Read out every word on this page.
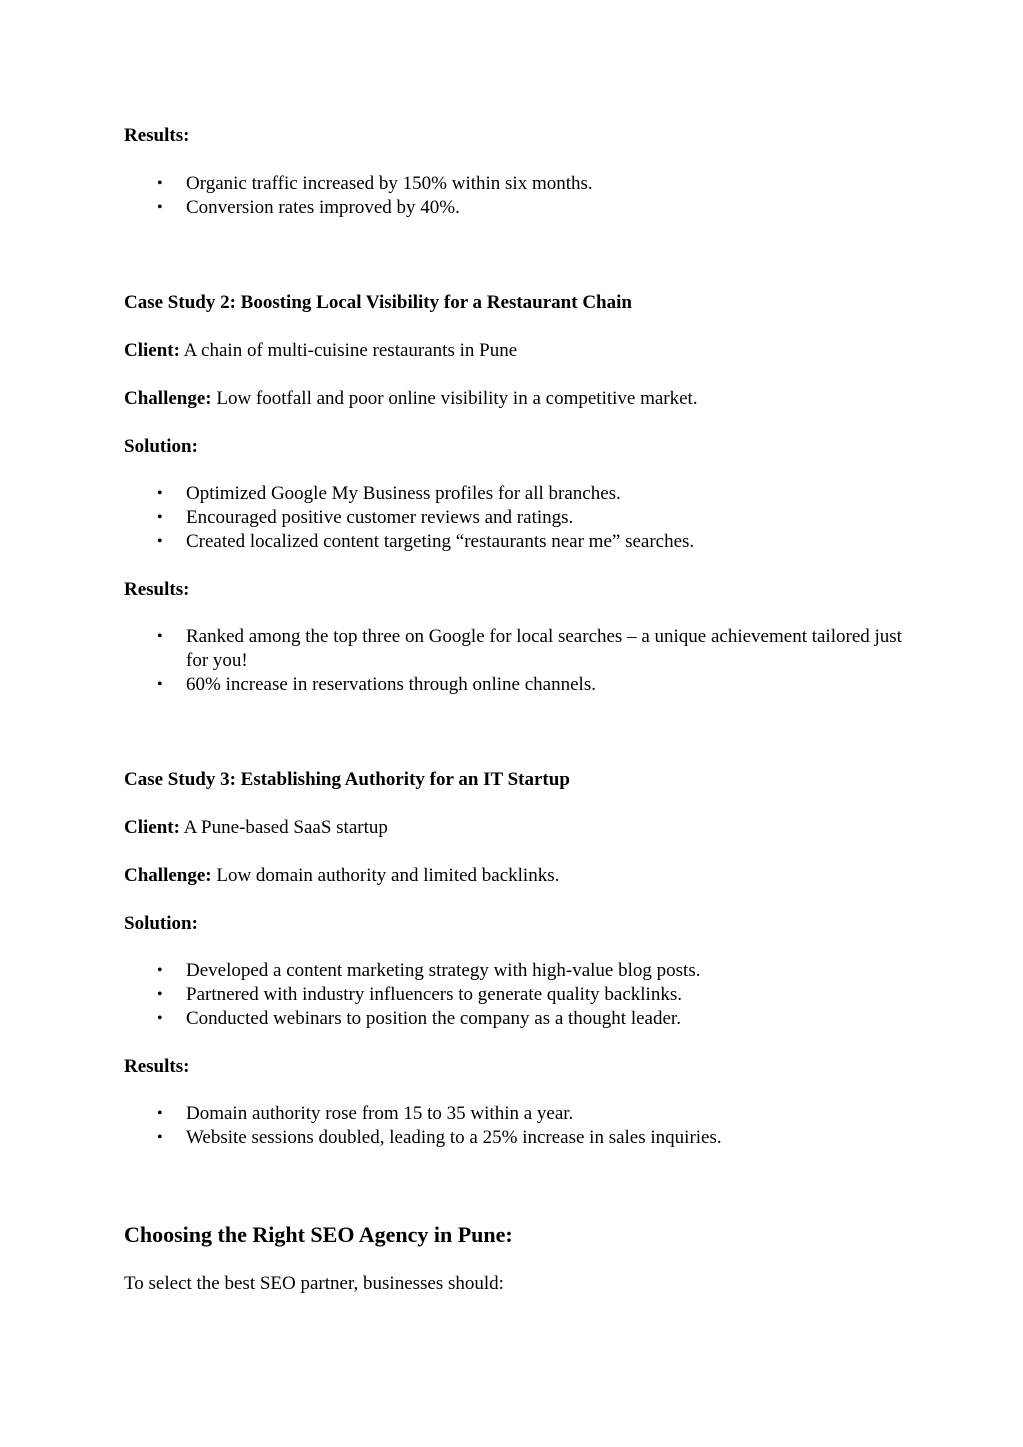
Results:

• Organic traffic increased by 150% within six months.
• Conversion rates improved by 40%.

Case Study 2: Boosting Local Visibility for a Restaurant Chain

Client: A chain of multi-cuisine restaurants in Pune

Challenge: Low footfall and poor online visibility in a competitive market.

Solution:

• Optimized Google My Business profiles for all branches.
• Encouraged positive customer reviews and ratings.
• Created localized content targeting “restaurants near me” searches.

Results:

• Ranked among the top three on Google for local searches – a unique achievement tailored just for you!
• 60% increase in reservations through online channels.

Case Study 3: Establishing Authority for an IT Startup

Client: A Pune-based SaaS startup

Challenge: Low domain authority and limited backlinks.

Solution:

• Developed a content marketing strategy with high-value blog posts.
• Partnered with industry influencers to generate quality backlinks.
• Conducted webinars to position the company as a thought leader.

Results:

• Domain authority rose from 15 to 35 within a year.
• Website sessions doubled, leading to a 25% increase in sales inquiries.

Choosing the Right SEO Agency in Pune:

To select the best SEO partner, businesses should:
